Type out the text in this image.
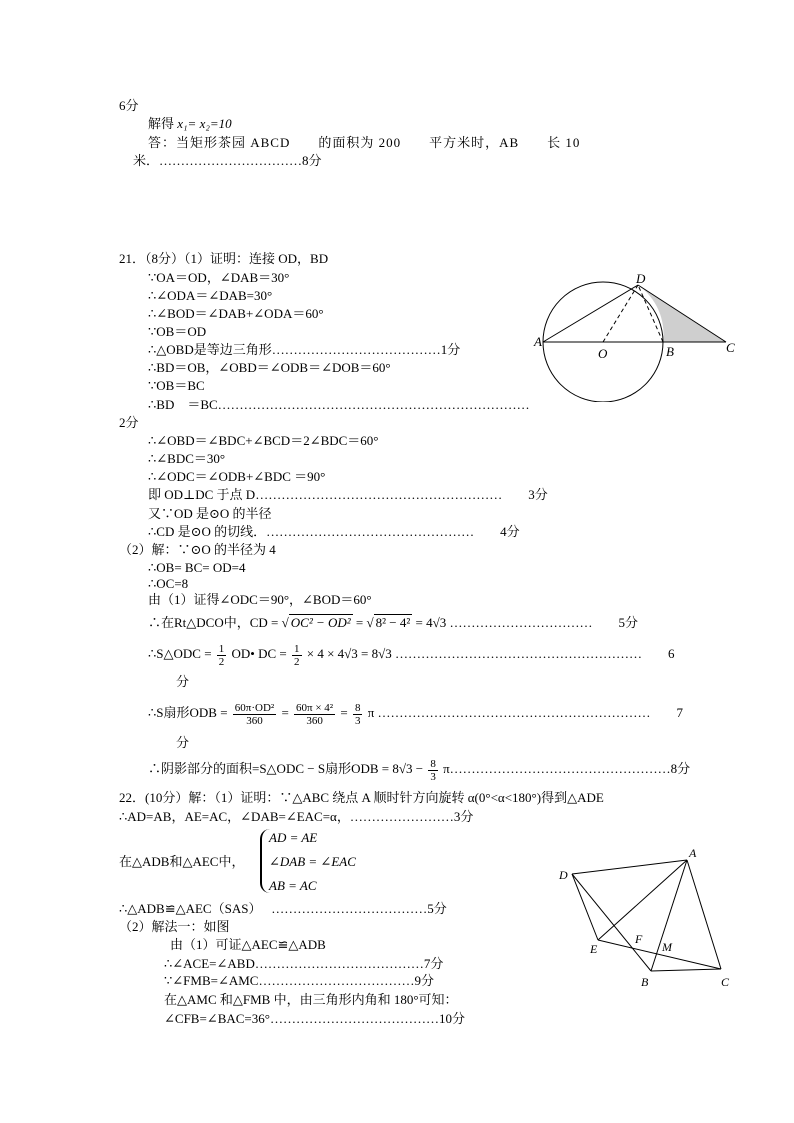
6分
解得 x₁= x₂=10
答：当矩形茶园 ABCD　　的面积为 200　　平方米时，AB　　长 10
米．……………………………8分
21．（8分）（1）证明：连接 OD，BD
∵OA＝OD，∠DAB＝30°
∴∠ODA＝∠DAB=30°
∴∠BOD＝∠DAB+∠ODA＝60°
∵OB＝OD
∴△OBD是等边三角形…………………………………1分
∴BD＝OB，∠OBD＝∠ODB＝∠DOB＝60°
∵OB＝BC
∴BD　＝BC………………………………………………………………
2分
∴∠OBD＝∠BDC+∠BCD＝2∠BDC＝60°
∴∠BDC＝30°
∴∠ODC＝∠ODB+∠BDC ＝90°
即 OD⊥DC 于点 D…………………………………………………　　3分
又∵OD 是⊙O 的半径
∴CD 是⊙O 的切线．…………………………………………　　4分
（2）解：∵⊙O 的半径为 4
∴OB= BC= OD=4
∴OC=8
由（1）证得∠ODC＝90°，∠BOD＝60°
∴在Rt△DCO中，CD = √ OC² − OD² = √ 8² − 4² = 4√3 ……………………………　　5分
∴S△ODC = $\frac{1}{2}$ OD• DC = $\frac{1}{2} \times 4 \times 4√3 = 8√3$ …………………………………………………　　6
分
∴S扇形ODB = $\frac{\text{60π·OD²}}{360} = \frac{\text{60π × 4²}}{360} = \frac{8}{3}$ π ………………………………………………………　　7
分
∴阴影部分的面积=S△ODC − S扇形ODB = $8√3 - \frac{8}{3}$ π……………………………………………8分
A
O	B	C
D
22．(10分）解：（1）证明：∵△ABC 绕点 A 顺时针方向旋转 α(0°<α<180°)得到△ADE
∴AD=AB，AE=AC，∠DAB=∠EAC=α，……………………3分
在△ADB和△AEC中，
AD = AE
∠DAB = ∠EAC
AB = AC
∴△ADB≌△AEC（SAS）　 ………………………………5分
（2）解法一：如图
由（1）可证△AEC≌△ADB
∴∠ACE=∠ABD…………………………………7分
∵∠FMB=∠AMC………………………………9分
在△AMC 和△FMB 中，由三角形内角和 180°可知：
∠CFB=∠BAC=36°…………………………………10分
A
D
E
F
M
B	C
